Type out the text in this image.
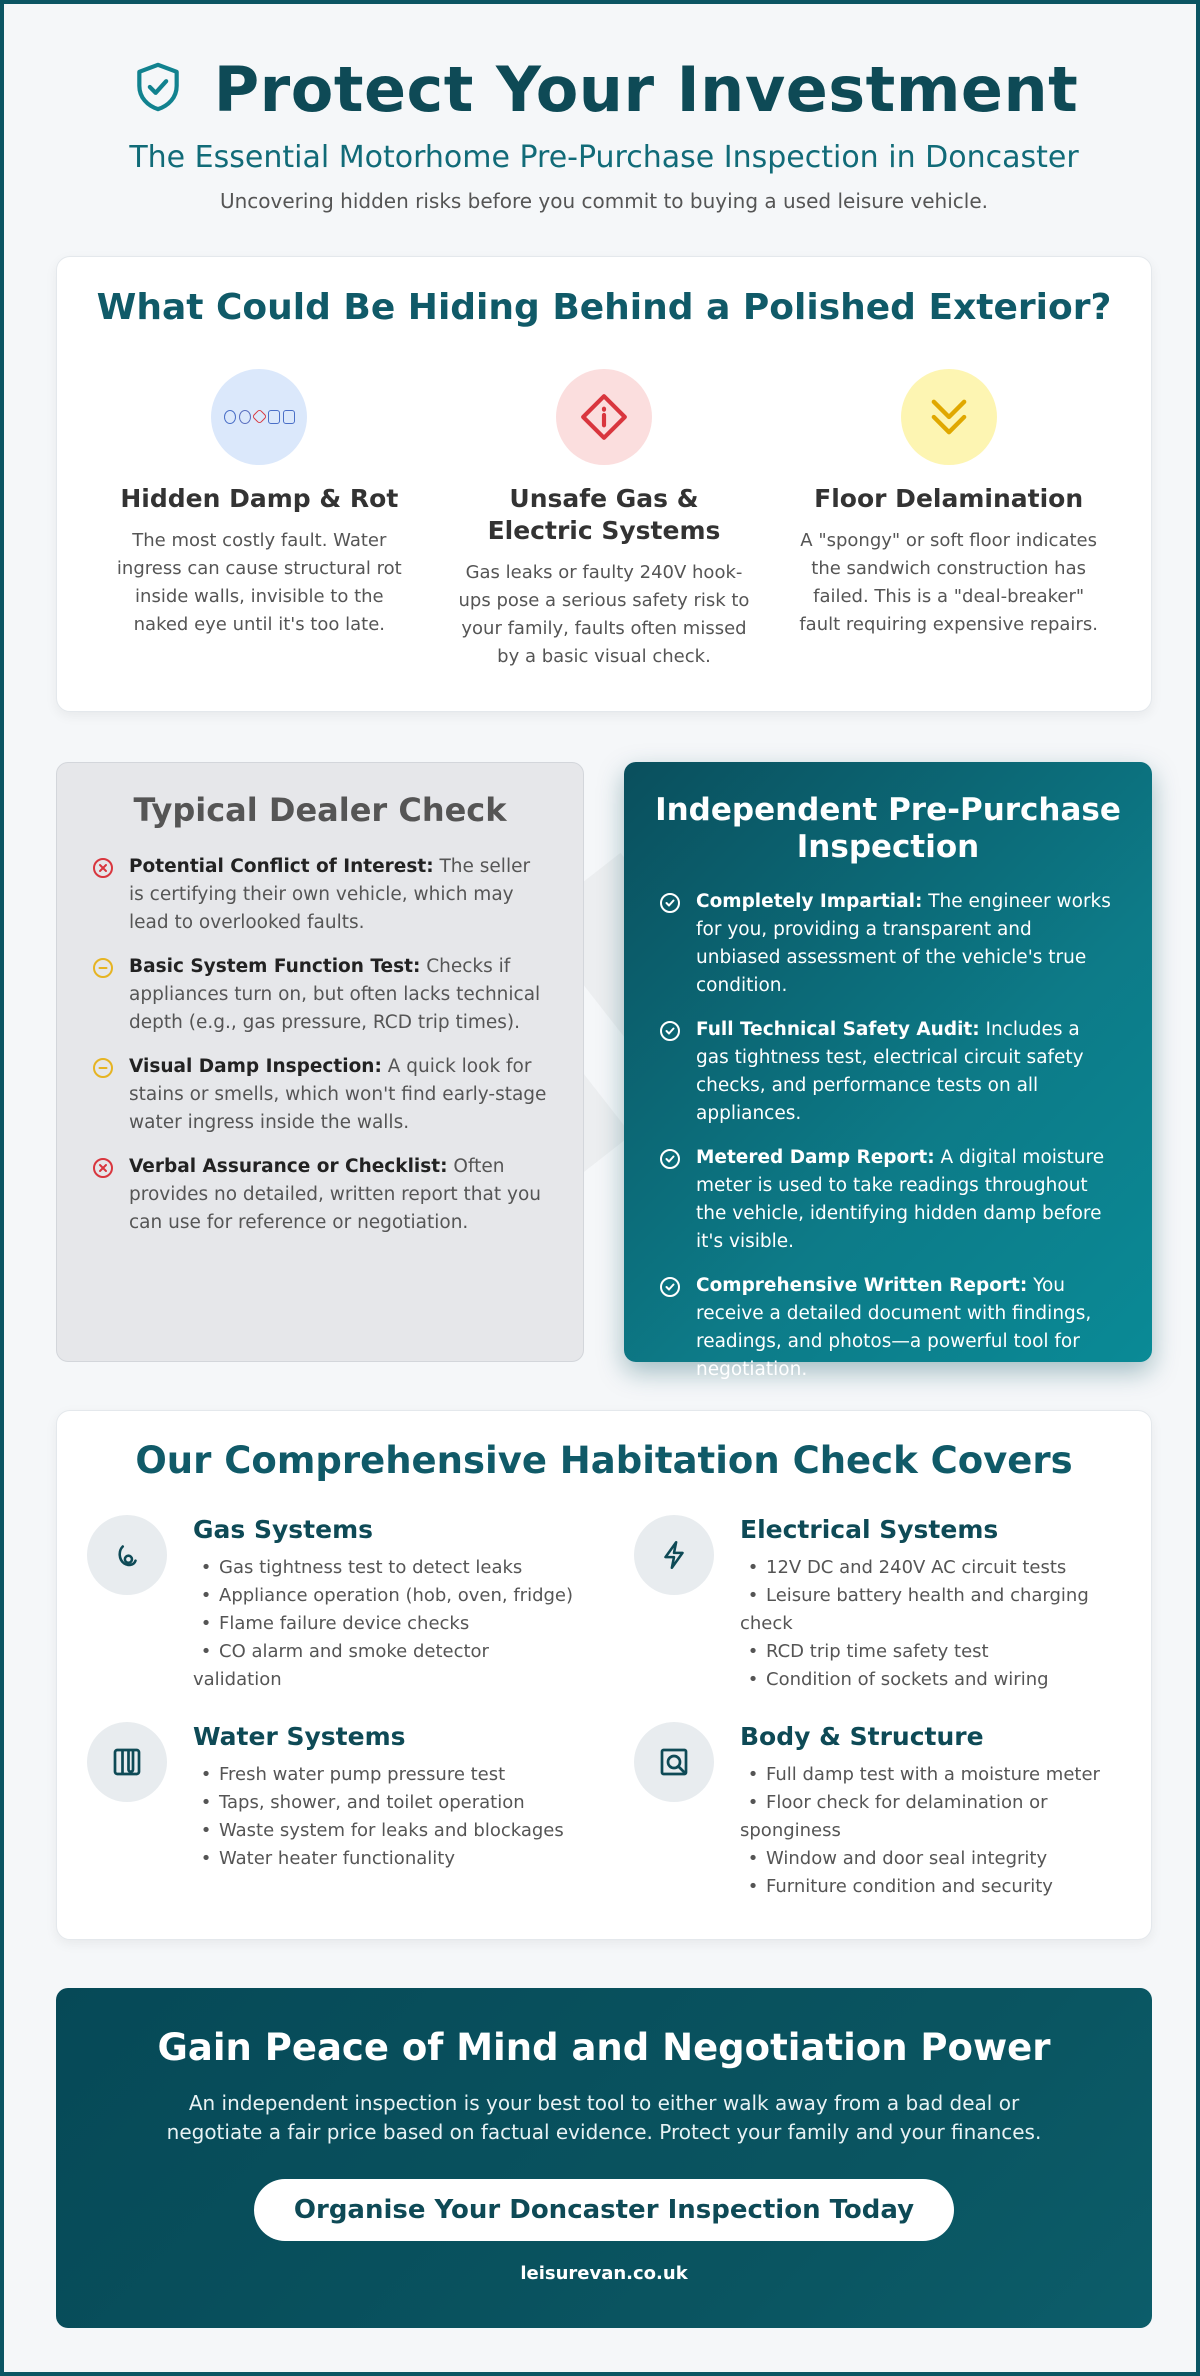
Protect Your Investment
The Essential Motorhome Pre-Purchase Inspection in Doncaster
Uncovering hidden risks before you commit to buying a used leisure vehicle.
What Could Be Hiding Behind a Polished Exterior?
Hidden Damp & Rot

The most costly fault. Water ingress can cause structural rot inside walls, invisible to the naked eye until it's too late.

Unsafe Gas & Electric Systems

Gas leaks or faulty 240V hook-ups pose a serious safety risk to your family, faults often missed by a basic visual check.

Floor Delamination

A "spongy" or soft floor indicates the sandwich construction has failed. This is a "deal-breaker" fault requiring expensive repairs.

Typical Dealer Check
Potential Conflict of Interest: The seller is certifying their own vehicle, which may lead to overlooked faults.
Basic System Function Test: Checks if appliances turn on, but often lacks technical depth (e.g., gas pressure, RCD trip times).
Visual Damp Inspection: A quick look for stains or smells, which won't find early-stage water ingress inside the walls.
Verbal Assurance or Checklist: Often provides no detailed, written report that you can use for reference or negotiation.
Independent Pre-Purchase Inspection
Completely Impartial: The engineer works for you, providing a transparent and unbiased assessment of the vehicle's true condition.
Full Technical Safety Audit: Includes a gas tightness test, electrical circuit safety checks, and performance tests on all appliances.
Metered Damp Report: A digital moisture meter is used to take readings throughout the vehicle, identifying hidden damp before it's visible.
Comprehensive Written Report: You receive a detailed document with findings, readings, and photos—a powerful tool for negotiation.
Our Comprehensive Habitation Check Covers
Gas Systems
• Gas tightness test to detect leaks
• Appliance operation (hob, oven, fridge)
• Flame failure device checks
• CO alarm and smoke detector validation
Electrical Systems
• 12V DC and 240V AC circuit tests
• Leisure battery health and charging check
• RCD trip time safety test
• Condition of sockets and wiring
Water Systems
• Fresh water pump pressure test
• Taps, shower, and toilet operation
• Waste system for leaks and blockages
• Water heater functionality
Body & Structure
• Full damp test with a moisture meter
• Floor check for delamination or sponginess
• Window and door seal integrity
• Furniture condition and security
Gain Peace of Mind and Negotiation Power

An independent inspection is your best tool to either walk away from a bad deal or negotiate a fair price based on factual evidence. Protect your family and your finances.

Organise Your Doncaster Inspection Today
leisurevan.co.uk
